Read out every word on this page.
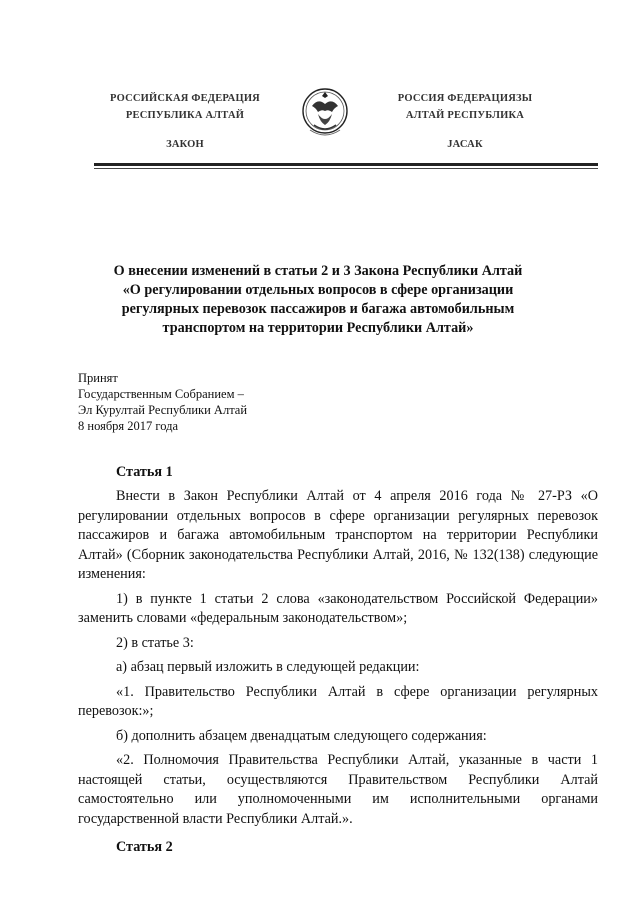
РОССИЙСКАЯ ФЕДЕРАЦИЯ
РЕСПУБЛИКА АЛТАЙ
ЗАКОН
РОССИЯ ФЕДЕРАЦИЯЗЫ
АЛТАЙ РЕСПУБЛИКА
JАСАК
О внесении изменений в статьи 2 и 3 Закона Республики Алтай
«О регулировании отдельных вопросов в сфере организации
регулярных перевозок пассажиров и багажа автомобильным
транспортом на территории Республики Алтай»
Принят
Государственным Собранием –
Эл Курултай Республики Алтай
8 ноября 2017 года
Статья 1
Внести в Закон Республики Алтай от 4 апреля 2016 года № 27-РЗ «О регулировании отдельных вопросов в сфере организации регулярных перевозок пассажиров и багажа автомобильным транспортом на территории Республики Алтай» (Сборник законодательства Республики Алтай, 2016, № 132(138) следующие изменения:
1) в пункте 1 статьи 2 слова «законодательством Российской Федерации» заменить словами «федеральным законодательством»;
2) в статье 3:
а) абзац первый изложить в следующей редакции:
«1. Правительство Республики Алтай в сфере организации регулярных перевозок:»;
б) дополнить абзацем двенадцатым следующего содержания:
«2. Полномочия Правительства Республики Алтай, указанные в части 1 настоящей статьи, осуществляются Правительством Республики Алтай самостоятельно или уполномоченными им исполнительными органами государственной власти Республики Алтай.».
Статья 2
